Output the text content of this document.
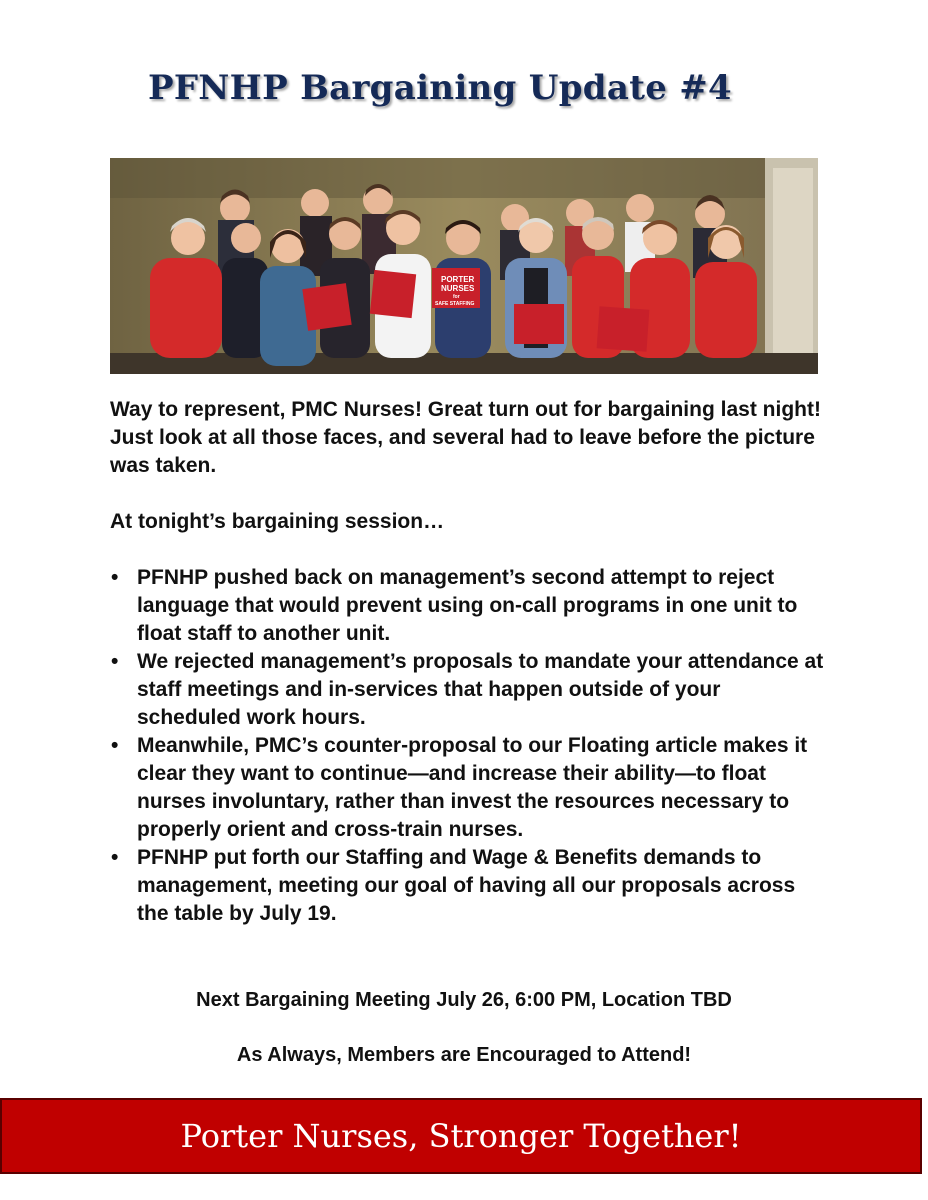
PFNHP Bargaining Update #4
PORTER
NURSES
for
SAFE STAFFING

Way to represent, PMC Nurses! Great turn out for bargaining last night! Just look at all those faces, and several had to leave before the picture was taken.

At tonight’s bargaining session…

• PFNHP pushed back on management’s second attempt to reject language that would prevent using on-call programs in one unit to float staff to another unit.
• We rejected management’s proposals to mandate your attendance at staff meetings and in-services that happen outside of your scheduled work hours.
• Meanwhile, PMC’s counter-proposal to our Floating article makes it clear they want to continue—and increase their ability—to float nurses involuntary, rather than invest the resources necessary to properly orient and cross-train nurses.
• PFNHP put forth our Staffing and Wage & Benefits demands to management, meeting our goal of having all our proposals across the table by July 19.
Next Bargaining Meeting July 26, 6:00 PM, Location TBD
As Always, Members are Encouraged to Attend!
Porter Nurses, Stronger Together!
